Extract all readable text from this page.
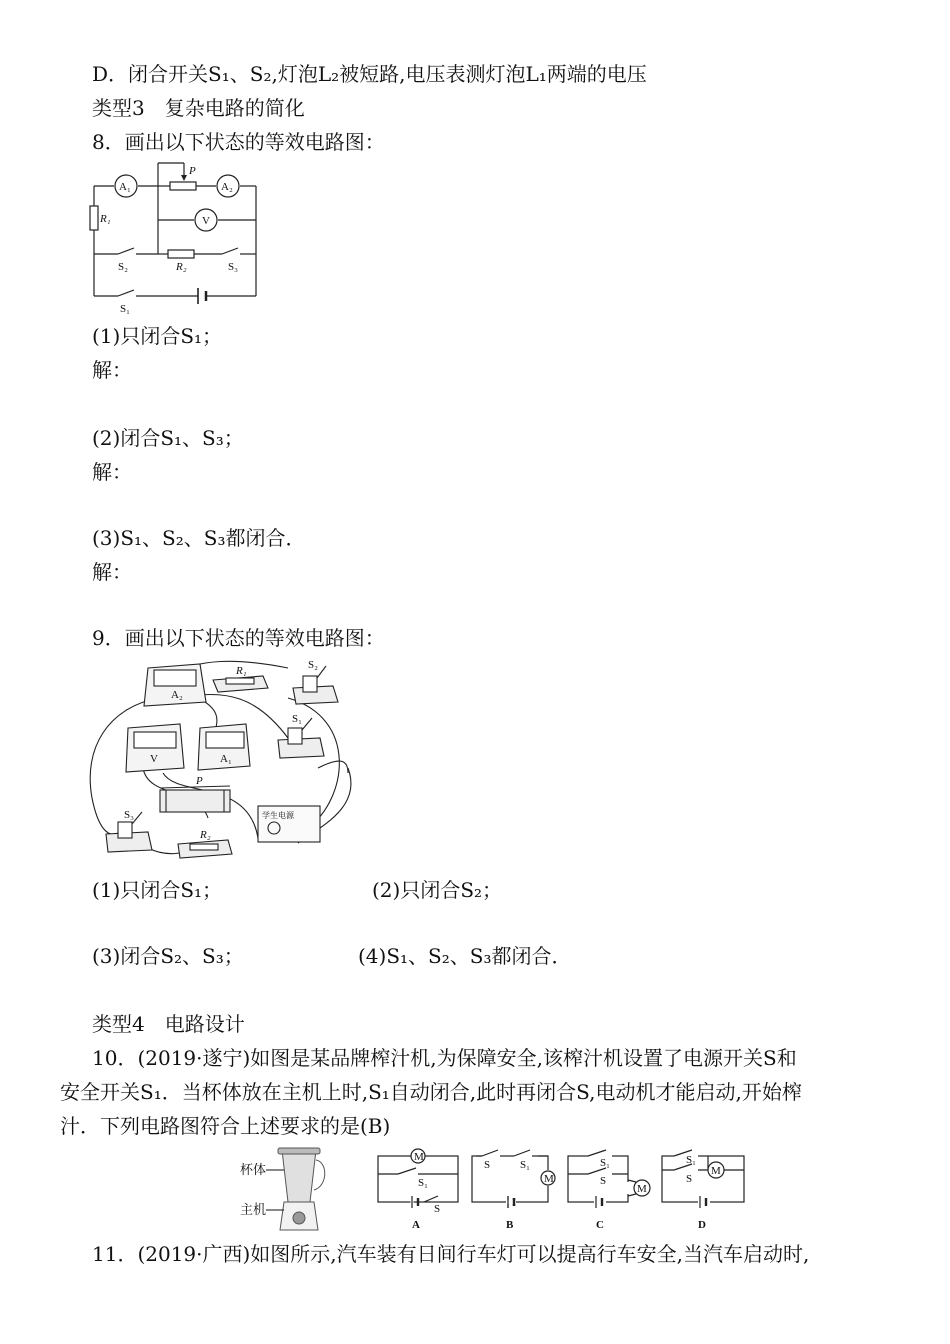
D．闭合开关S₁、S₂,灯泡L₂被短路,电压表测灯泡L₁两端的电压
类型3　复杂电路的简化
8．画出以下状态的等效电路图：
A₁	A₂
V
P
R₁
R₂
S₂	S₃
S₁
(1)只闭合S₁；
解：
(2)闭合S₁、S₃；
解：
(3)S₁、S₂、S₃都闭合．
解：
9．画出以下状态的等效电路图：
A₂
R₁	S₂
V	A₁
S₁
P
S₃
R₂
学生电源
(1)只闭合S₁；	(2)只闭合S₂；
(3)闭合S₂、S₃；	(4)S₁、S₂、S₃都闭合．
类型4　电路设计
10．(2019·遂宁)如图是某品牌榨汁机,为保障安全,该榨汁机设置了电源开关S和
安全开关S₁．当杯体放在主机上时,S₁自动闭合,此时再闭合S,电动机才能启动,开始榨
汁．下列电路图符合上述要求的是(B)
杯体
主机
M
S₁
S
A
M
S	S₁
B
S₁
S
M
C
S₁
S
M
D
11．(2019·广西)如图所示,汽车装有日间行车灯可以提高行车安全,当汽车启动时,
